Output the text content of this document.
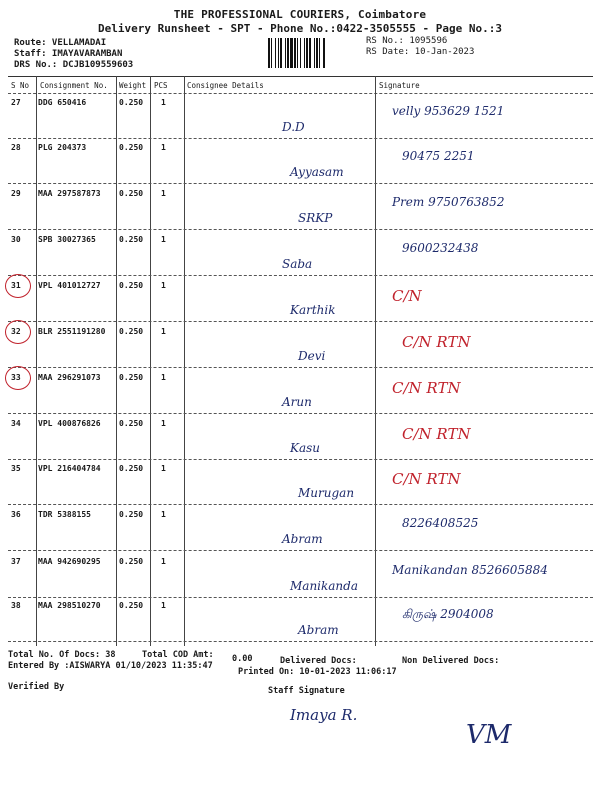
THE PROFESSIONAL COURIERS, Coimbatore
Delivery Runsheet - SPT - Phone No.:0422-3505555 - Page No.:3
Route: VELLAMADAI
Staff: IMAYAVARAMBAN
DRS No.: DCJB109559603
RS No.: 1095596
RS Date: 10-Jan-2023
S No Consignment No. Weight PCS	Consignee Details	Signature
27 DDG 650416	0.250 1
D.D
velly 953629 1521
28 PLG 204373	0.250 1
Ayyasam
90475 2251
29 MAA 297587873 0.250 1
SRKP
Prem 9750763852
30 SPB 30027365	0.250 1
Saba
9600232438
31 VPL 401012727 0.250 1
Karthik
C/N
32 BLR 2551191280 0.250 1
Devi
C/N RTN
33 MAA 296291073 0.250 1
Arun
C/N RTN
34 VPL 400876826 0.250 1
Kasu
C/N RTN
35 VPL 216404784 0.250 1
Murugan
C/N RTN
36 TDR 5388155	0.250 1
Abram
8226408525
37 MAA 942690295 0.250 1
Manikanda
Manikandan 8526605884
38 MAA 298510270 0.250 1
Abram
கிருஷ் 2904008
Total No. Of Docs: 38	Total COD Amt: 0.00	Delivered Docs:	Non Delivered Docs:
Entered By :AISWARYA 01/10/2023 11:35:47
Printed On: 10-01-2023 11:06:17
Verified By	Staff Signature
Imaya R.
VM
